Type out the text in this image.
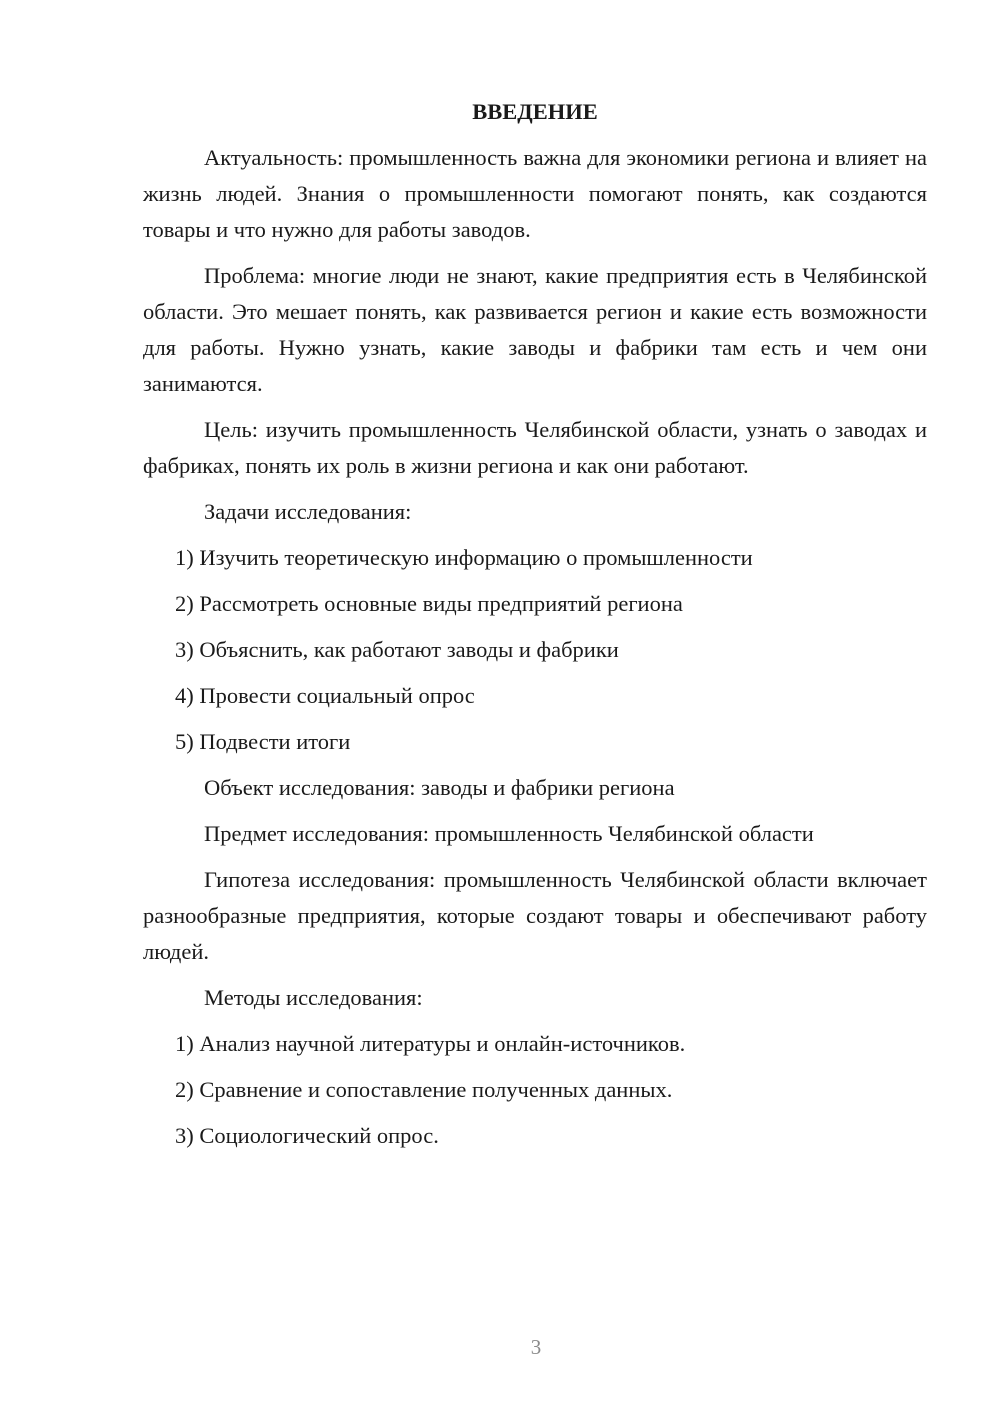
ВВЕДЕНИЕ

Актуальность: промышленность важна для экономики региона и влияет на жизнь людей. Знания о промышленности помогают понять, как создаются товары и что нужно для работы заводов.

Проблема: многие люди не знают, какие предприятия есть в Челябинской области. Это мешает понять, как развивается регион и какие есть возможности для работы. Нужно узнать, какие заводы и фабрики там есть и чем они занимаются.

Цель: изучить промышленность Челябинской области, узнать о заводах и фабриках, понять их роль в жизни региона и как они работают.

Задачи исследования:
1) Изучить теоретическую информацию о промышленности
2) Рассмотреть основные виды предприятий региона
3) Объяснить, как работают заводы и фабрики
4) Провести социальный опрос
5) Подвести итоги
Объект исследования: заводы и фабрики региона
Предмет исследования: промышленность Челябинской области

Гипотеза исследования: промышленность Челябинской области включает разнообразные предприятия, которые создают товары и обеспечивают работу людей.

Методы исследования:
1) Анализ научной литературы и онлайн-источников.
2) Сравнение и сопоставление полученных данных.
3) Социологический опрос.
3
